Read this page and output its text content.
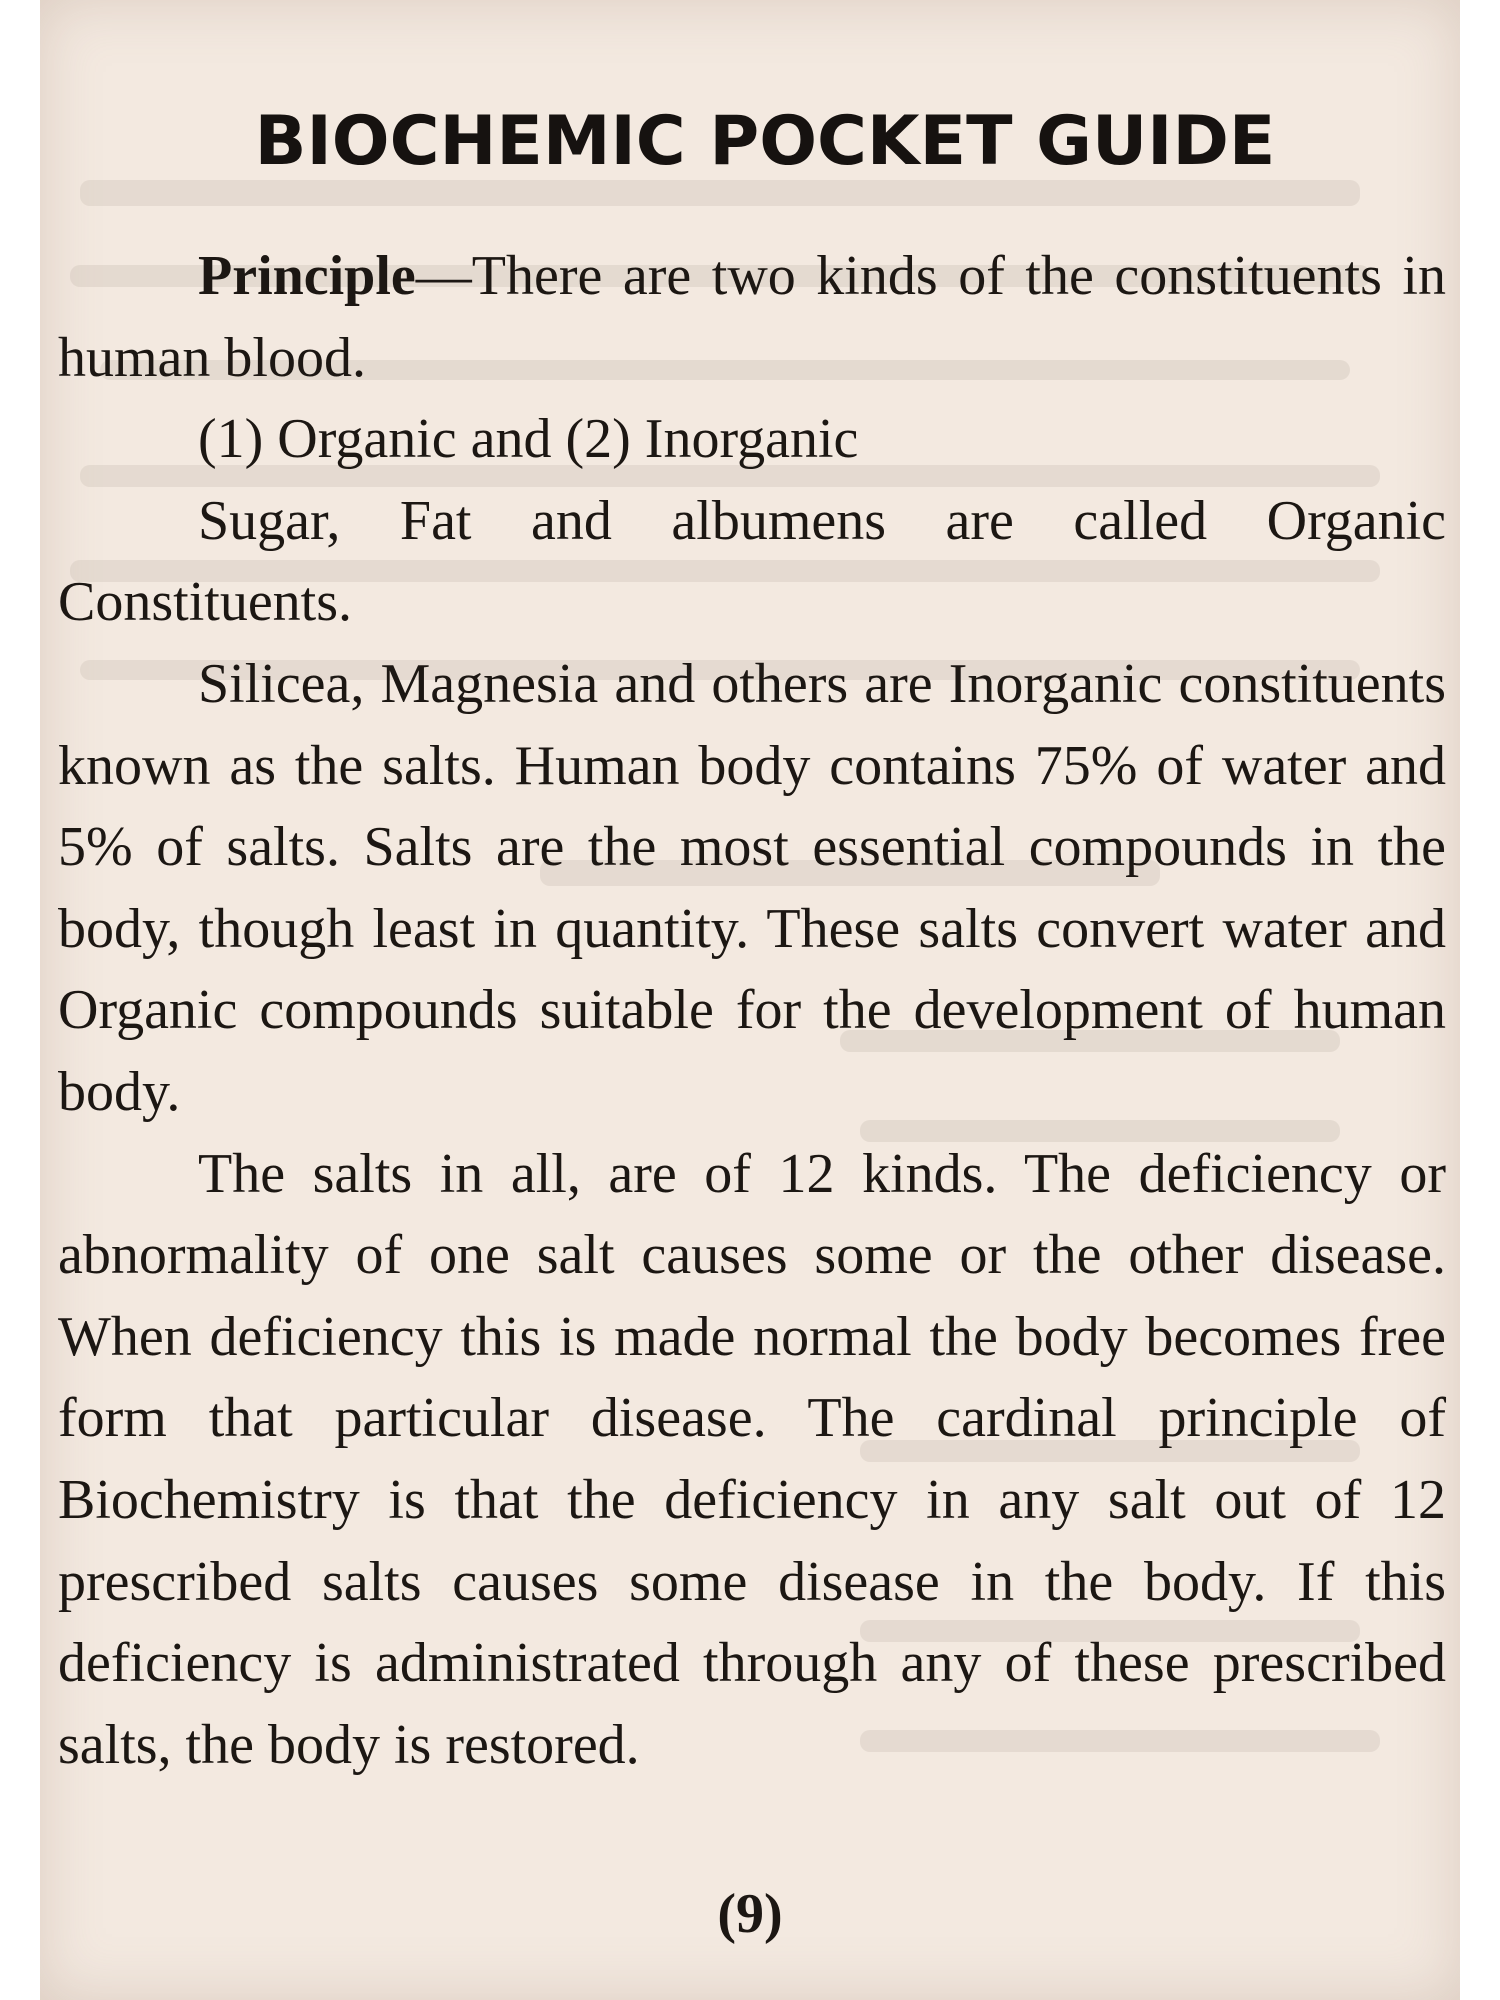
BIOCHEMIC POCKET GUIDE

Principle—There are two kinds of the constituents in human blood.

(1) Organic and (2) Inorganic

Sugar, Fat and albumens are called Organic Constituents.

Silicea, Magnesia and others are Inorganic constituents known as the salts. Human body contains 75% of water and 5% of salts. Salts are the most essential compounds in the body, though least in quantity. These salts convert water and Organic compounds suitable for the development of human body.

The salts in all, are of 12 kinds. The deficiency or abnormality of one salt causes some or the other disease. When deficiency this is made normal the body becomes free form that particular disease. The cardinal principle of Biochemistry is that the deficiency in any salt out of 12 prescribed salts causes some disease in the body. If this deficiency is administrated through any of these prescribed salts, the body is restored.

(9)
